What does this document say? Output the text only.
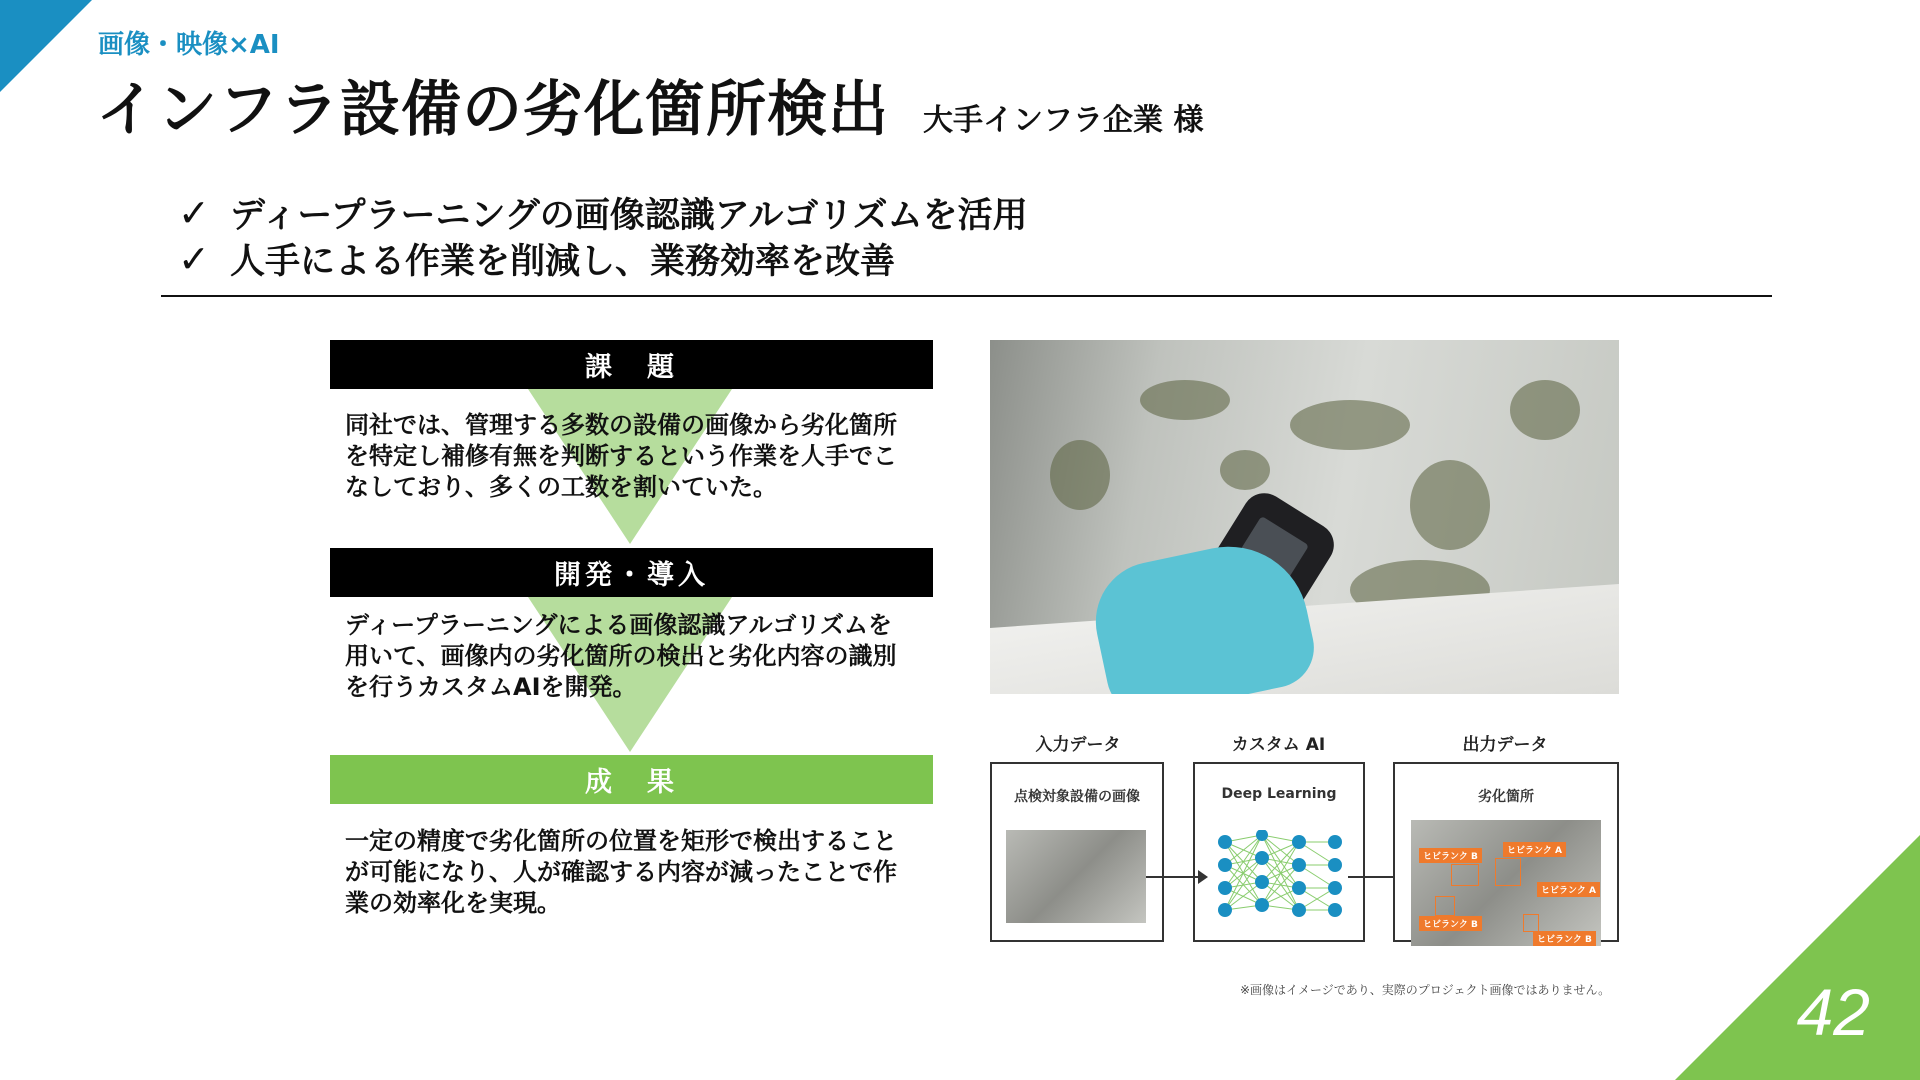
画像・映像×AI
インフラ設備の劣化箇所検出 大手インフラ企業 様
✓ ディープラーニングの画像認識アルゴリズムを活用
✓ 人手による作業を削減し、業務効率を改善
課　題
同社では、管理する多数の設備の画像から劣化箇所を特定し補修有無を判断するという作業を人手でこなしており、多くの工数を割いていた。
開発・導入
ディープラーニングによる画像認識アルゴリズムを用いて、画像内の劣化箇所の検出と劣化内容の識別を行うカスタムAIを開発。
成　果
一定の精度で劣化箇所の位置を矩形で検出することが可能になり、人が確認する内容が減ったことで作業の効率化を実現。
入力データ	カスタム AI	出力データ
点検対象設備の画像	Deep Learning	劣化箇所
ヒビランク B
ヒビランク A
ヒビランク A
ヒビランク B
ヒビランク B
※画像はイメージであり、実際のプロジェクト画像ではありません。	42
